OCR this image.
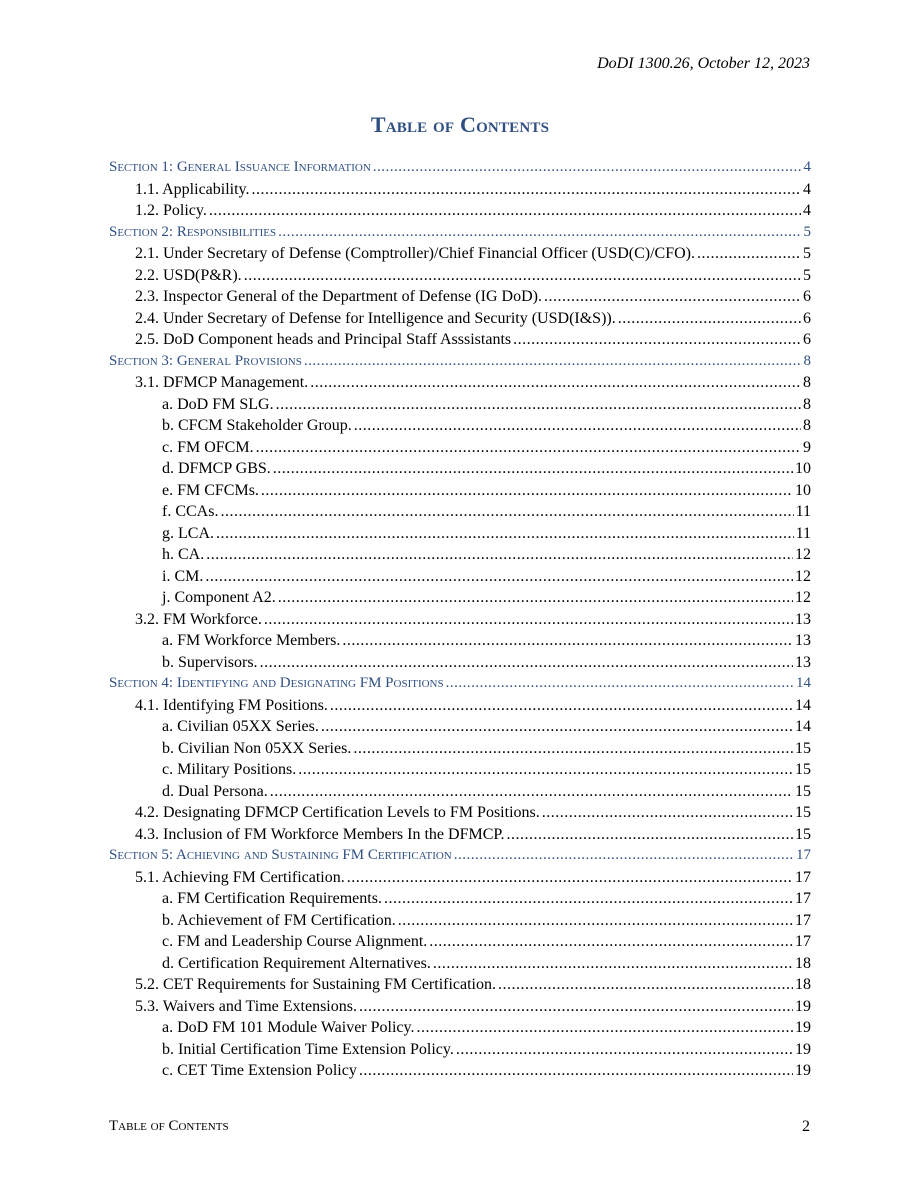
DoDI 1300.26, October 12, 2023
Table of Contents
Section 1: General Issuance Information .....	4
1.1. Applicability. .....	4
1.2. Policy. .....	4
Section 2: Responsibilities .....	5
2.1. Under Secretary of Defense (Comptroller)/Chief Financial Officer (USD(C)/CFO). .....	5
2.2. USD(P&R). .....	5
2.3. Inspector General of the Department of Defense (IG DoD). .....	6
2.4. Under Secretary of Defense for Intelligence and Security (USD(I&S)). .....	6
2.5. DoD Component heads and Principal Staff Asssistants .....	6
Section 3: General Provisions .....	8
3.1. DFMCP Management. .....	8
a. DoD FM SLG. .....	8
b. CFCM Stakeholder Group. .....	8
c. FM OFCM. .....	9
d. DFMCP GBS. .....	10
e. FM CFCMs. .....	10
f. CCAs. .....	11
g. LCA. .....	11
h. CA. .....	12
i. CM. .....	12
j. Component A2. .....	12
3.2. FM Workforce. .....	13
a. FM Workforce Members. .....	13
b. Supervisors. .....	13
Section 4: Identifying and Designating FM Positions .....	14
4.1. Identifying FM Positions. .....	14
a. Civilian 05XX Series. .....	14
b. Civilian Non 05XX Series. .....	15
c. Military Positions. .....	15
d. Dual Persona. .....	15
4.2. Designating DFMCP Certification Levels to FM Positions. .....	15
4.3. Inclusion of FM Workforce Members In the DFMCP. .....	15
Section 5: Achieving and Sustaining FM Certification .....	17
5.1. Achieving FM Certification. .....	17
a. FM Certification Requirements. .....	17
b. Achievement of FM Certification. .....	17
c. FM and Leadership Course Alignment. .....	17
d. Certification Requirement Alternatives. .....	18
5.2. CET Requirements for Sustaining FM Certification. .....	18
5.3. Waivers and Time Extensions. .....	19
a. DoD FM 101 Module Waiver Policy. .....	19
b. Initial Certification Time Extension Policy. .....	19
c. CET Time Extension Policy .....	19
Table of Contents	2
